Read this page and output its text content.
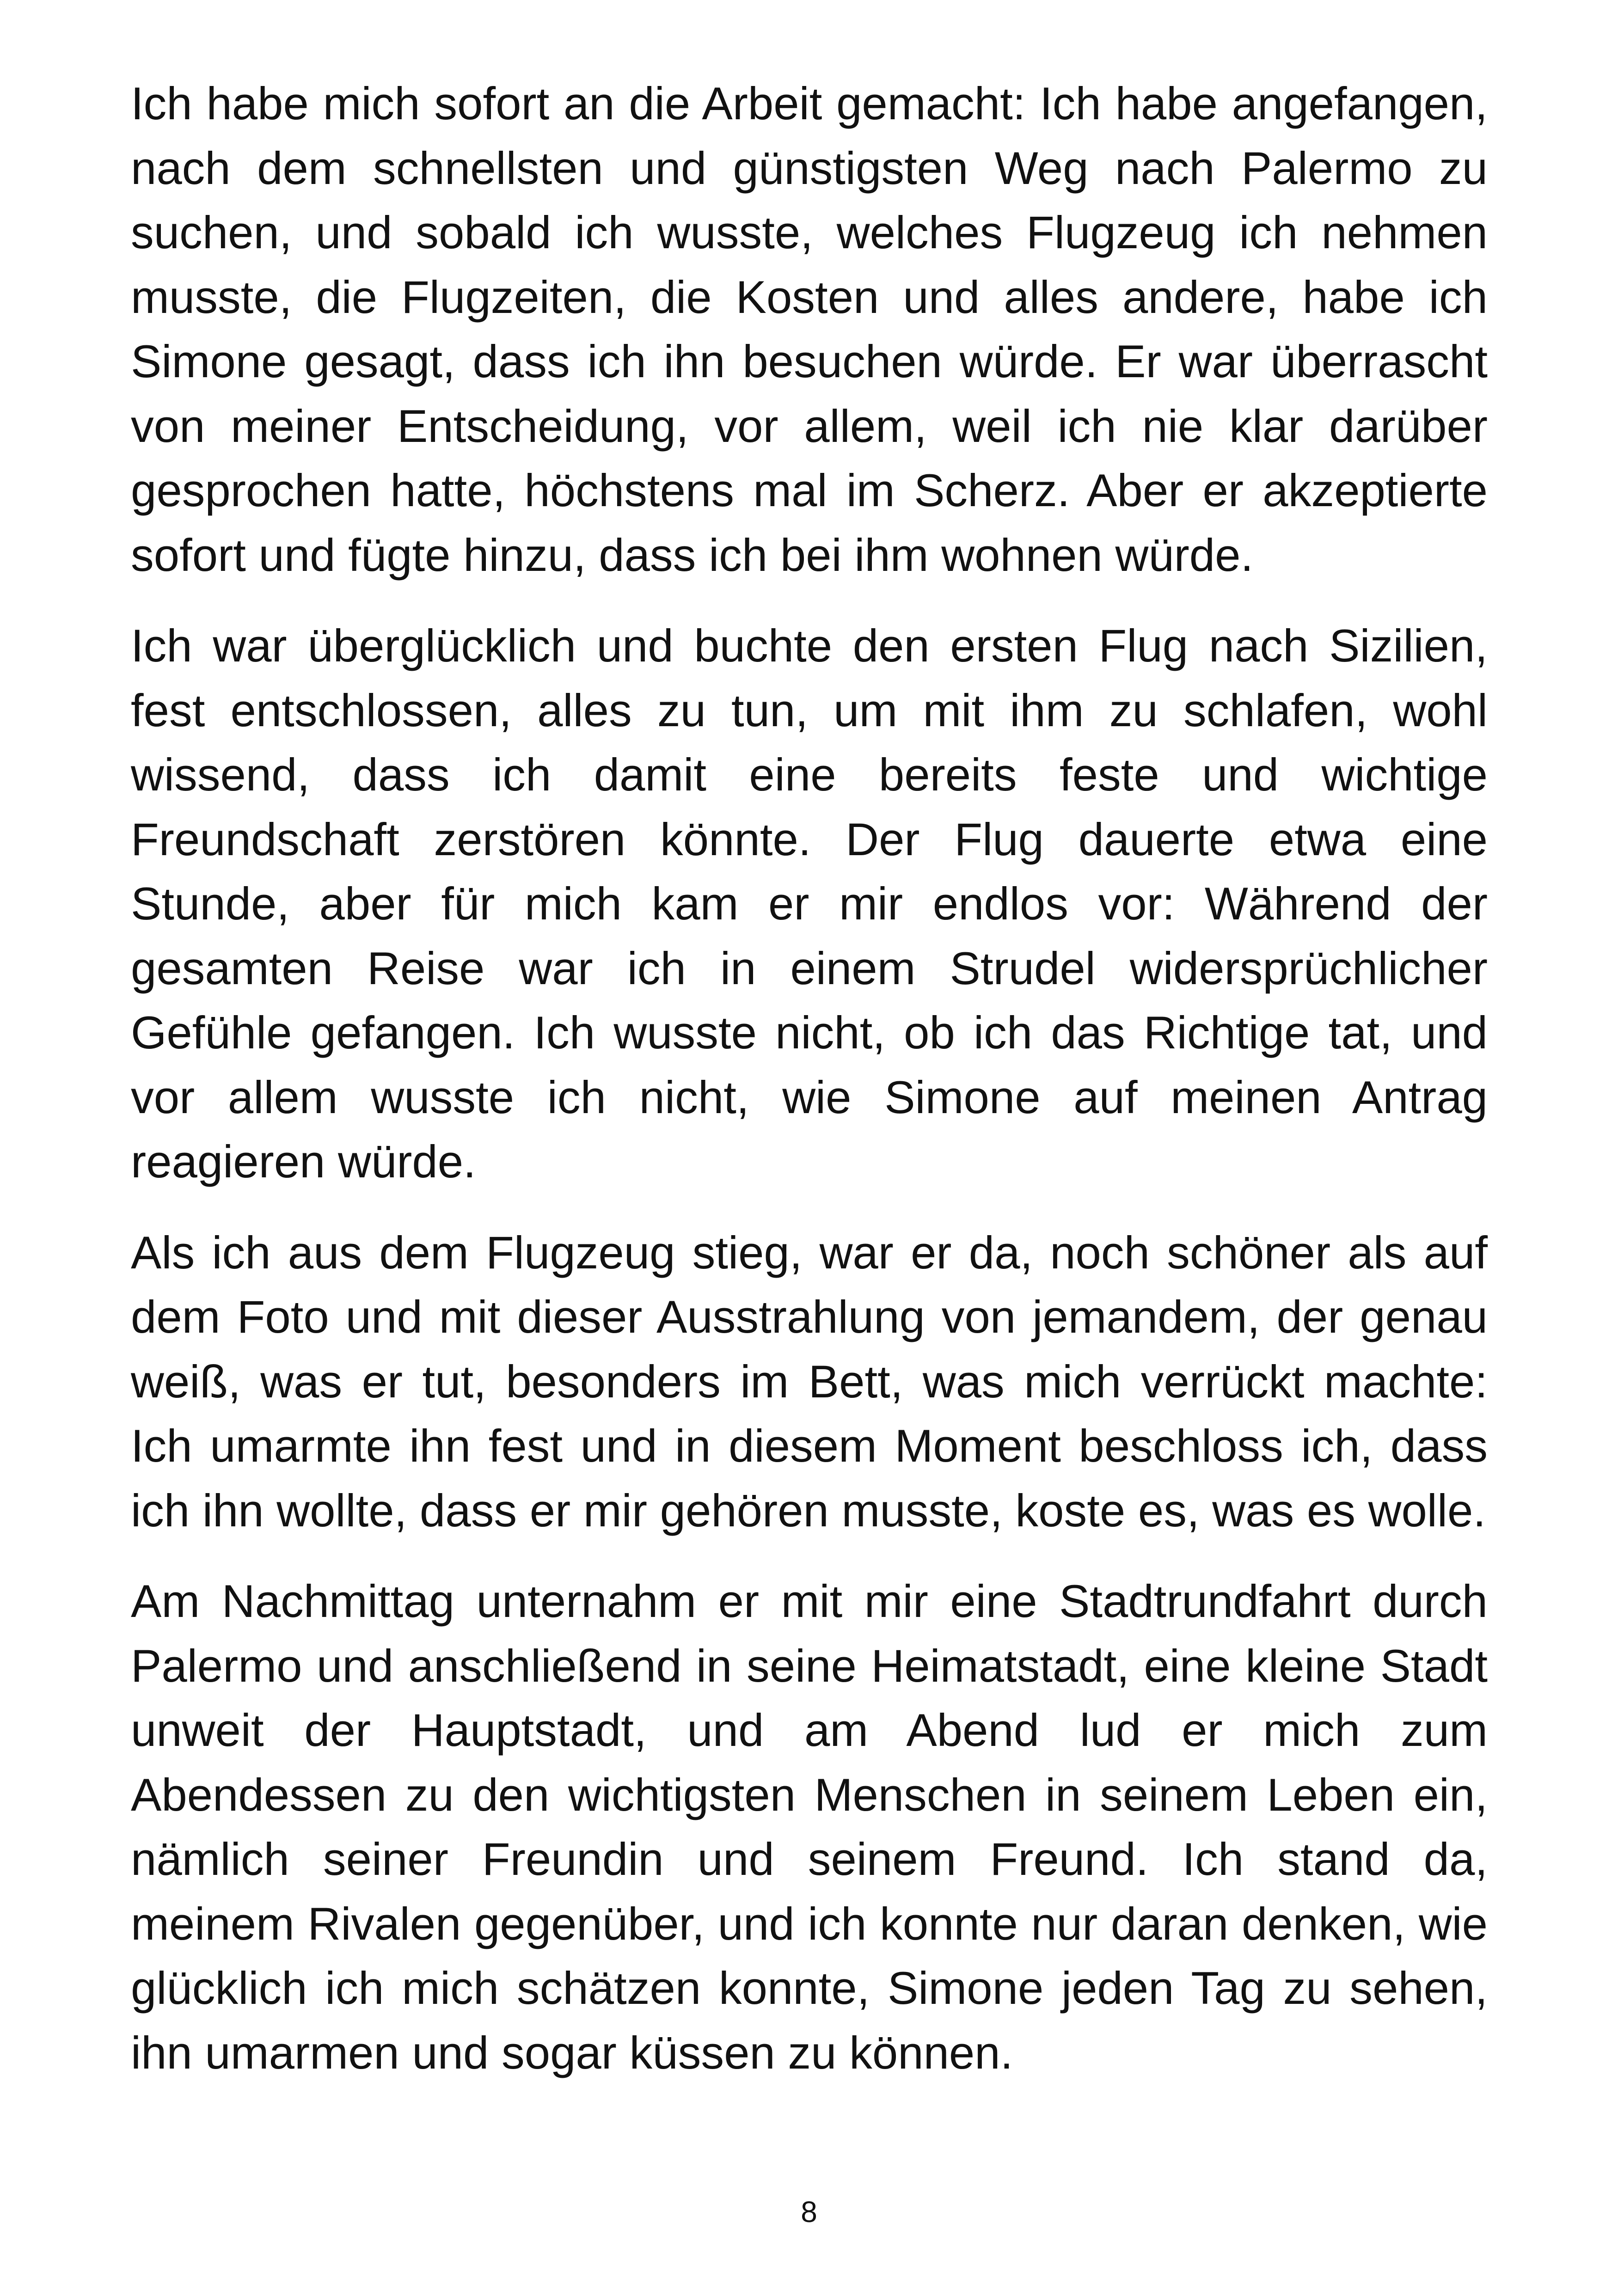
Ich habe mich sofort an die Arbeit gemacht: Ich habe angefangen, nach dem schnellsten und günstigsten Weg nach Palermo zu suchen, und sobald ich wusste, welches Flugzeug ich nehmen musste, die Flugzeiten, die Kosten und alles andere, habe ich Simone gesagt, dass ich ihn besuchen würde. Er war überrascht von meiner Entscheidung, vor allem, weil ich nie klar darüber gesprochen hatte, höchstens mal im Scherz. Aber er akzeptierte sofort und fügte hinzu, dass ich bei ihm wohnen würde.

Ich war überglücklich und buchte den ersten Flug nach Sizilien, fest entschlossen, alles zu tun, um mit ihm zu schlafen, wohl wissend, dass ich damit eine bereits feste und wichtige Freundschaft zerstören könnte. Der Flug dauerte etwa eine Stunde, aber für mich kam er mir endlos vor: Während der gesamten Reise war ich in einem Strudel widersprüchlicher Gefühle gefangen. Ich wusste nicht, ob ich das Richtige tat, und vor allem wusste ich nicht, wie Simone auf meinen Antrag reagieren würde.

Als ich aus dem Flugzeug stieg, war er da, noch schöner als auf dem Foto und mit dieser Ausstrahlung von jemandem, der genau weiß, was er tut, besonders im Bett, was mich verrückt machte: Ich umarmte ihn fest und in diesem Moment beschloss ich, dass ich ihn wollte, dass er mir gehören musste, koste es, was es wolle.

Am Nachmittag unternahm er mit mir eine Stadtrundfahrt durch Palermo und anschließend in seine Heimatstadt, eine kleine Stadt unweit der Hauptstadt, und am Abend lud er mich zum Abendessen zu den wichtigsten Menschen in seinem Leben ein, nämlich seiner Freundin und seinem Freund. Ich stand da, meinem Rivalen gegenüber, und ich konnte nur daran denken, wie glücklich ich mich schätzen konnte, Simone jeden Tag zu sehen, ihn umarmen und sogar küssen zu können.

8
